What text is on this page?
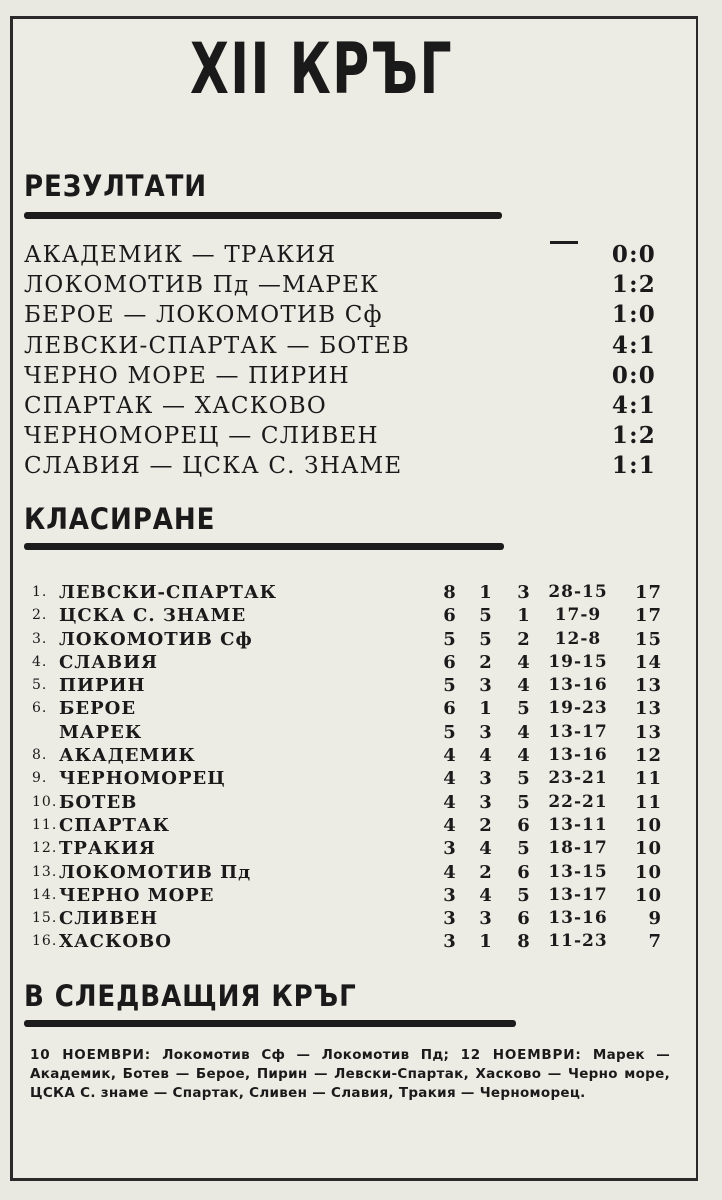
XII КРЪГ
РЕЗУЛТАТИ
АКАДЕМИК — ТРАКИЯ	0:0
ЛОКОМОТИВ Пд —МАРЕК	1:2
БЕРОЕ — ЛОКОМОТИВ Сф	1:0
ЛЕВСКИ-СПАРТАК — БОТЕВ	4:1
ЧЕРНО МОРЕ — ПИРИН	0:0
СПАРТАК — ХАСКОВО	4:1
ЧЕРНОМОРЕЦ — СЛИВЕН	1:2
СЛАВИЯ — ЦСКА С. ЗНАМЕ	1:1
КЛАСИРАНЕ
1. ЛЕВСКИ-СПАРТАК	8 1 3 28-15 17
2. ЦСКА С. ЗНАМЕ	6 5 1	17-9	17
3. ЛОКОМОТИВ Сф	5 5 2	12-8	15
4. СЛАВИЯ	6 2 4 19-15 14
5. ПИРИН	5 3 4 13-16 13
6. БЕРОЕ	6 1 5 19-23 13
МАРЕК	5 3 4 13-17 13
8. АКАДЕМИК	4 4 4 13-16 12
9. ЧЕРНОМОРЕЦ	4 3 5 23-21 11
10. БОТЕВ	4 3 5 22-21 11
11. СПАРТАК	4 2 6 13-11 10
12. ТРАКИЯ	3 4 5 18-17 10
13. ЛОКОМОТИВ Пд	4 2 6 13-15 10
14. ЧЕРНО МОРЕ	3 4 5 13-17 10
15. СЛИВЕН	3 3 6 13-16 9
16. ХАСКОВО	3 1 8 11-23 7
В СЛЕДВАЩИЯ КРЪГ
10 НОЕМВРИ: Локомотив Сф — Локомотив Пд; 12 НОЕМВРИ: Марек — Академик, Ботев — Берое, Пирин — Левски-Спартак, Хасково — Черно море, ЦСКА С. знаме — Спартак, Сливен — Славия, Тракия — Черноморец.
